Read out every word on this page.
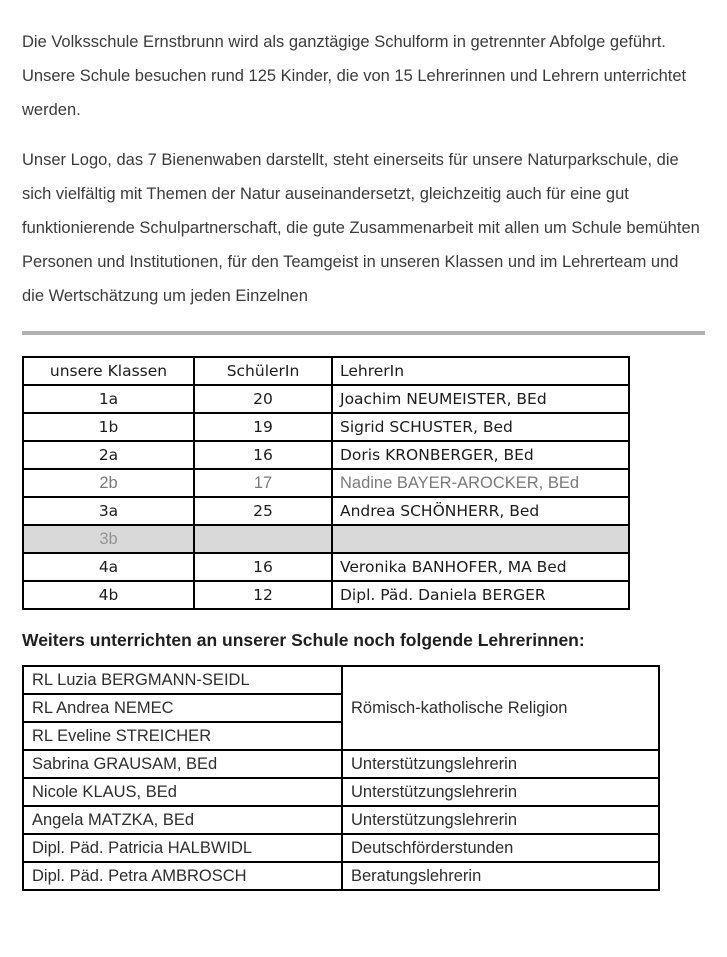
Die Volksschule Ernstbrunn wird als ganztägige Schulform in getrennter Abfolge geführt. Unsere Schule besuchen rund 125 Kinder, die von 15 Lehrerinnen und Lehrern unterrichtet werden.

Unser Logo, das 7 Bienenwaben darstellt, steht einerseits für unsere Naturparkschule, die sich vielfältig mit Themen der Natur auseinandersetzt, gleichzeitig auch für eine gut funktionierende Schulpartnerschaft, die gute Zusammenarbeit mit allen um Schule bemühten Personen und Institutionen, für den Teamgeist in unseren Klassen und im Lehrerteam und die Wertschätzung um jeden Einzelnen

unsere Klassen	SchülerIn	LehrerIn
1a	20	Joachim NEUMEISTER, BEd
1b	19	Sigrid SCHUSTER, Bed
2a	16	Doris KRONBERGER, BEd
2b	17	Nadine BAYER-AROCKER, BEd
3a	25	Andrea SCHÖNHERR, Bed
3b		
4a	16	Veronika BANHOFER, MA Bed
4b	12	Dipl. Päd. Daniela BERGER
Weiters unterrichten an unserer Schule noch folgende Lehrerinnen:
RL Luzia BERGMANN-SEIDL	Römisch-katholische Religion
RL Andrea NEMEC	
RL Eveline STREICHER	
Sabrina GRAUSAM, BEd	Unterstützungslehrerin
Nicole KLAUS, BEd	Unterstützungslehrerin
Angela MATZKA, BEd	Unterstützungslehrerin
Dipl. Päd. Patricia HALBWIDL	Deutschförderstunden
Dipl. Päd. Petra AMBROSCH	Beratungslehrerin
